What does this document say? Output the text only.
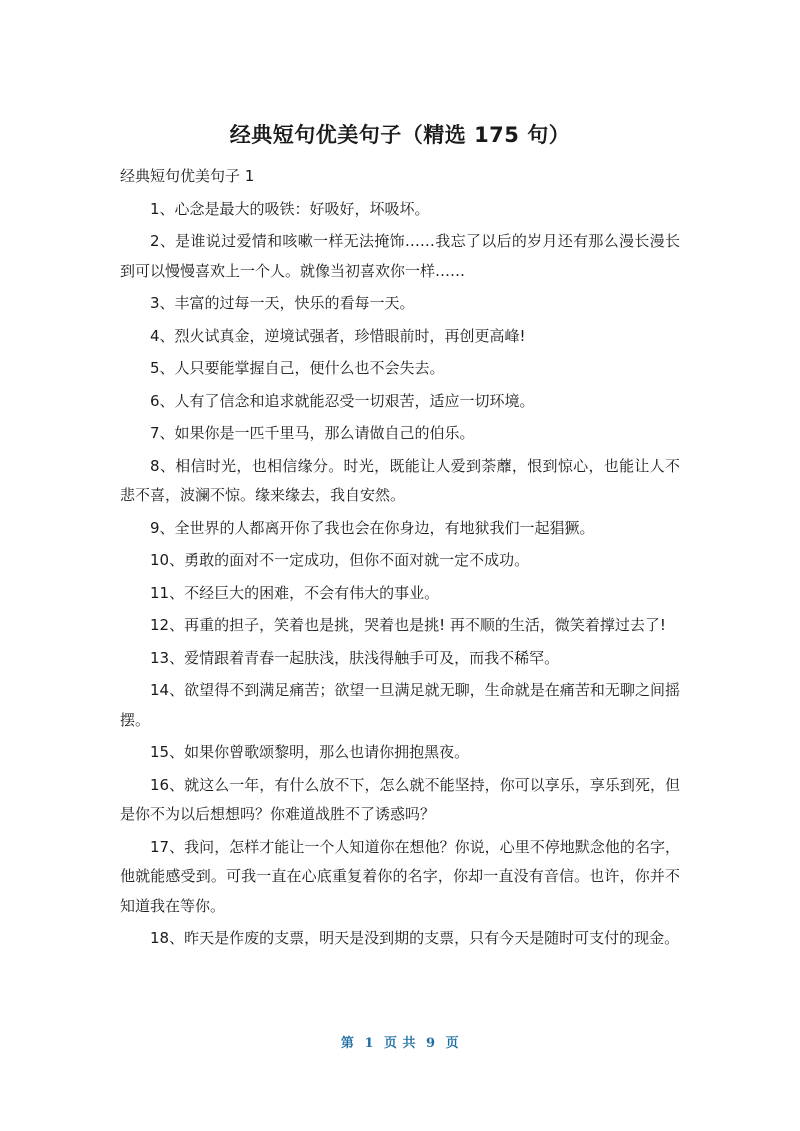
经典短句优美句子（精选 175 句）

经典短句优美句子 1

1、心念是最大的吸铁：好吸好，坏吸坏。

2、是谁说过爱情和咳嗽一样无法掩饰……我忘了以后的岁月还有那么漫长漫长到可以慢慢喜欢上一个人。就像当初喜欢你一样……

3、丰富的过每一天，快乐的看每一天。

4、烈火试真金，逆境试强者，珍惜眼前时，再创更高峰!

5、人只要能掌握自己，便什么也不会失去。

6、人有了信念和追求就能忍受一切艰苦，适应一切环境。

7、如果你是一匹千里马，那么请做自己的伯乐。

8、相信时光，也相信缘分。时光，既能让人爱到荼蘼，恨到惊心，也能让人不悲不喜，波澜不惊。缘来缘去，我自安然。

9、全世界的人都离开你了我也会在你身边，有地狱我们一起猖獗。

10、勇敢的面对不一定成功，但你不面对就一定不成功。

11、不经巨大的困难，不会有伟大的事业。

12、再重的担子，笑着也是挑，哭着也是挑! 再不顺的生活，微笑着撑过去了!

13、爱情跟着青春一起肤浅，肤浅得触手可及，而我不稀罕。

14、欲望得不到满足痛苦；欲望一旦满足就无聊，生命就是在痛苦和无聊之间摇摆。

15、如果你曾歌颂黎明，那么也请你拥抱黑夜。

16、就这么一年，有什么放不下，怎么就不能坚持，你可以享乐，享乐到死，但是你不为以后想想吗？你难道战胜不了诱惑吗？

17、我问，怎样才能让一个人知道你在想他？你说，心里不停地默念他的名字，他就能感受到。可我一直在心底重复着你的名字，你却一直没有音信。也许，你并不知道我在等你。

18、昨天是作废的支票，明天是没到期的支票，只有今天是随时可支付的现金。

第 1 页 共 9 页
